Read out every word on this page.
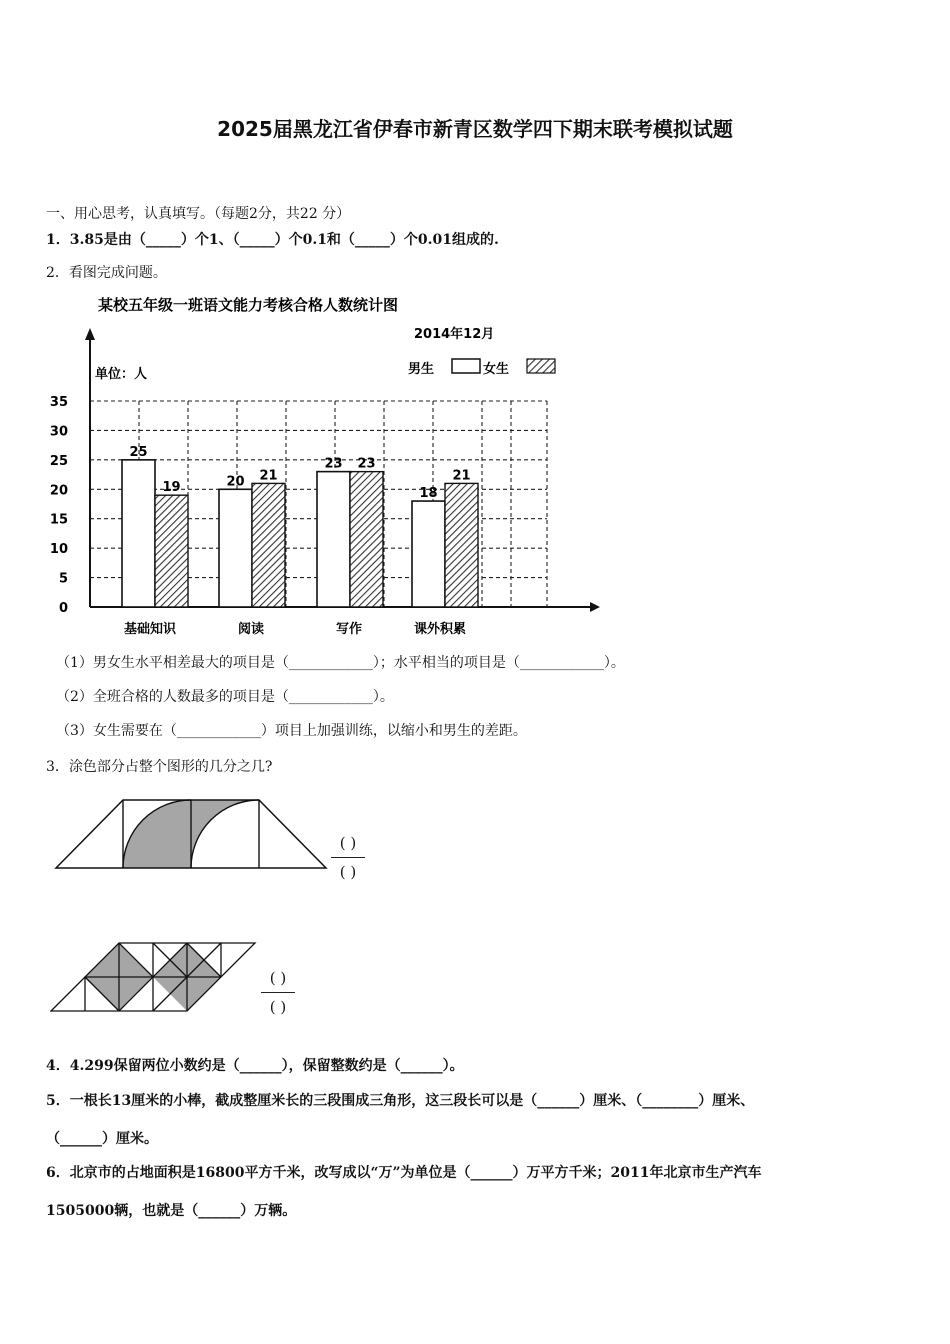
2025届黑龙江省伊春市新青区数学四下期末联考模拟试题
一、用心思考，认真填写。（每题2分，共22 分）
1．3.85是由（_____）个1、（_____）个0.1和（_____）个0.01组成的.
2．看图完成问题。
0
5
10
15
20
25
30
35
25
19
基础知识
20 21
阅读
23 23
写作
18
21
课外积累
某校五年级一班语文能力考核合格人数统计图
2014年12月
单位：人	男生	女生
（1）男女生水平相差最大的项目是（____________）；水平相当的项目是（____________）。
（2）全班合格的人数最多的项目是（____________）。
（3）女生需要在（____________）项目上加强训练，以缩小和男生的差距。
3．涂色部分占整个图形的几分之几?
( )
( )
( )
( )
4．4.299保留两位小数约是（______），保留整数约是（______）。
5．一根长13厘米的小棒，截成整厘米长的三段围成三角形，这三段长可以是（______）厘米、（________）厘米、
（______）厘米。
6．北京市的占地面积是16800平方千米，改写成以“万”为单位是（______）万平方千米；2011年北京市生产汽车
1505000辆，也就是（______）万辆。
